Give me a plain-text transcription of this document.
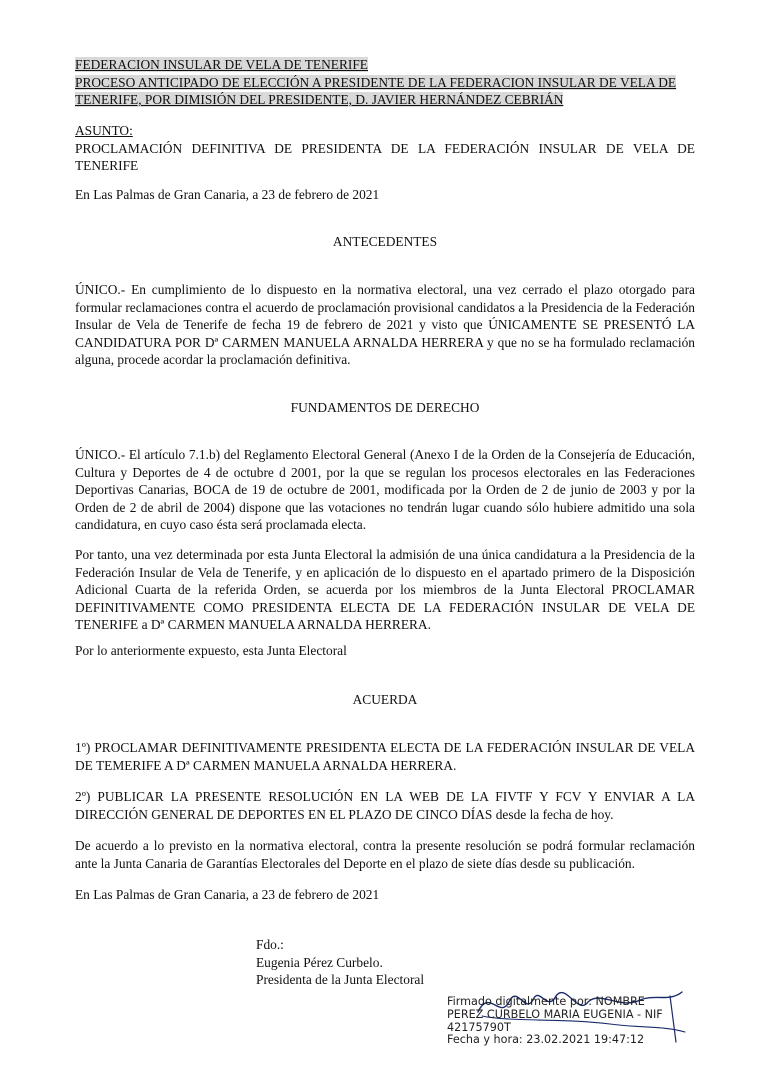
FEDERACION INSULAR DE VELA DE TENERIFE
PROCESO ANTICIPADO DE ELECCIÓN A PRESIDENTE DE LA FEDERACION INSULAR DE VELA DE TENERIFE, POR DIMISIÓN DEL PRESIDENTE, D. JAVIER HERNÁNDEZ CEBRIÁN
ASUNTO:
PROCLAMACIÓN DEFINITIVA DE PRESIDENTA DE LA FEDERACIÓN INSULAR DE VELA DE TENERIFE

En Las Palmas de Gran Canaria, a 23 de febrero de 2021

ANTECEDENTES

ÚNICO.- En cumplimiento de lo dispuesto en la normativa electoral, una vez cerrado el plazo otorgado para formular reclamaciones contra el acuerdo de proclamación provisional candidatos a la Presidencia de la Federación Insular de Vela de Tenerife de fecha 19 de febrero de 2021 y visto que ÚNICAMENTE SE PRESENTÓ LA CANDIDATURA POR Dª CARMEN MANUELA ARNALDA HERRERA y que no se ha formulado reclamación alguna, procede acordar la proclamación definitiva.

FUNDAMENTOS DE DERECHO

ÚNICO.- El artículo 7.1.b) del Reglamento Electoral General (Anexo I de la Orden de la Consejería de Educación, Cultura y Deportes de 4 de octubre d 2001, por la que se regulan los procesos electorales en las Federaciones Deportivas Canarias, BOCA de 19 de octubre de 2001, modificada por la Orden de 2 de junio de 2003 y por la Orden de 2 de abril de 2004) dispone que las votaciones no tendrán lugar cuando sólo hubiere admitido una sola candidatura, en cuyo caso ésta será proclamada electa.

Por tanto, una vez determinada por esta Junta Electoral la admisión de una única candidatura a la Presidencia de la Federación Insular de Vela de Tenerife, y en aplicación de lo dispuesto en el apartado primero de la Disposición Adicional Cuarta de la referida Orden, se acuerda por los miembros de la Junta Electoral PROCLAMAR DEFINITIVAMENTE COMO PRESIDENTA ELECTA DE LA FEDERACIÓN INSULAR DE VELA DE TENERIFE a Dª CARMEN MANUELA ARNALDA HERRERA.

Por lo anteriormente expuesto, esta Junta Electoral

ACUERDA

1º) PROCLAMAR DEFINITIVAMENTE PRESIDENTA ELECTA DE LA FEDERACIÓN INSULAR DE VELA DE TEMERIFE A Dª CARMEN MANUELA ARNALDA HERRERA.

2º) PUBLICAR LA PRESENTE RESOLUCIÓN EN LA WEB DE LA FIVTF Y FCV Y ENVIAR A LA DIRECCIÓN GENERAL DE DEPORTES EN EL PLAZO DE CINCO DÍAS desde la fecha de hoy.

De acuerdo a lo previsto en la normativa electoral, contra la presente resolución se podrá formular reclamación ante la Junta Canaria de Garantías Electorales del Deporte en el plazo de siete días desde su publicación.

En Las Palmas de Gran Canaria, a 23 de febrero de 2021

Fdo.:
Eugenia Pérez Curbelo.
Presidenta de la Junta Electoral
Firmado digitalmente por: NOMBRE
PEREZ CURBELO MARIA EUGENIA - NIF
42175790T
Fecha y hora: 23.02.2021 19:47:12
